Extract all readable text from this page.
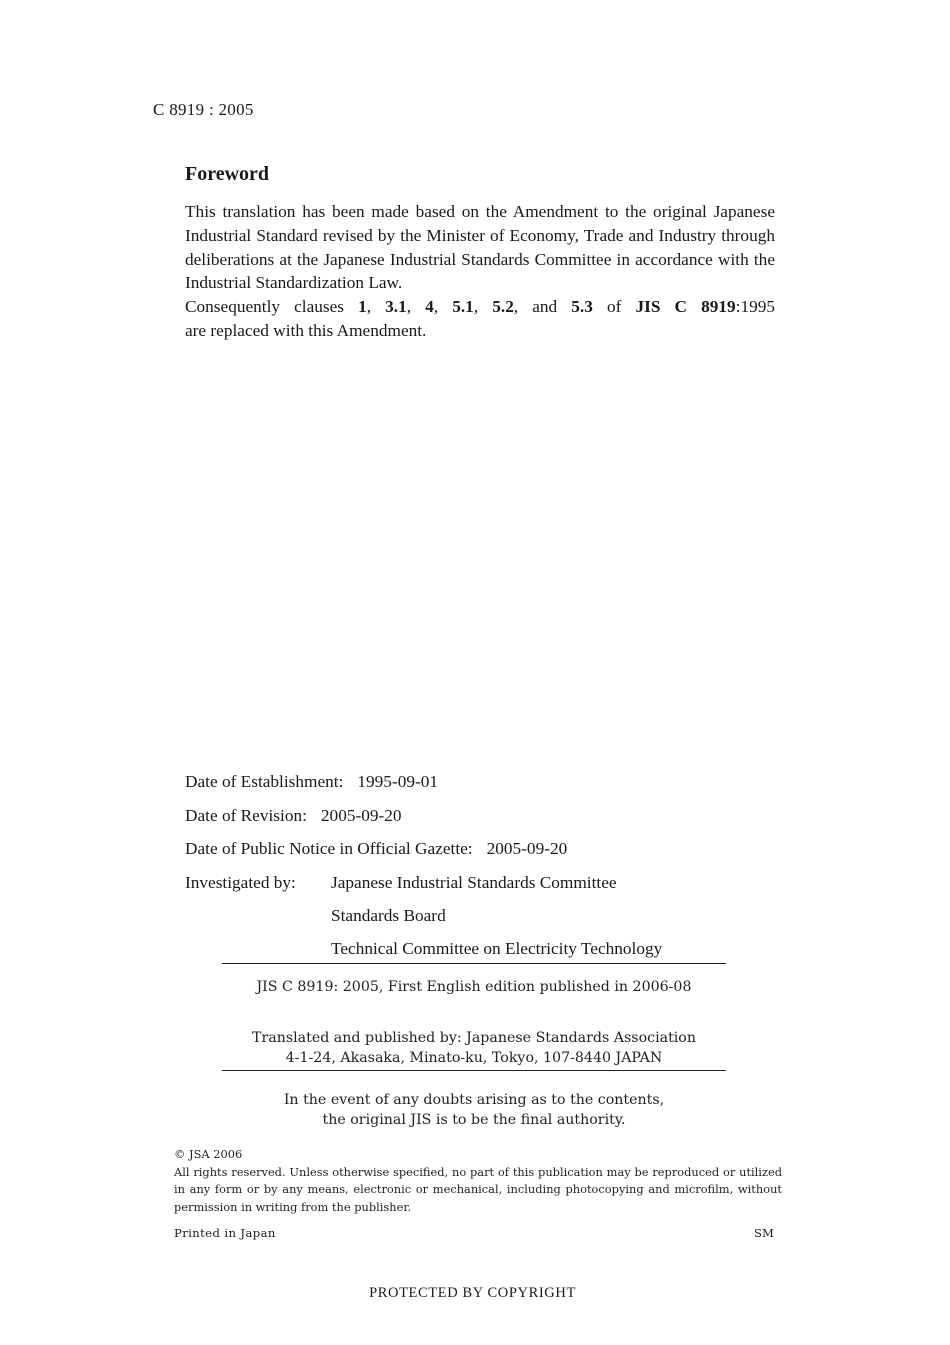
C 8919 : 2005
Foreword

This translation has been made based on the Amendment to the original Japanese Industrial Standard revised by the Minister of Economy, Trade and Industry through deliberations at the Japanese Industrial Standards Committee in accordance with the Industrial Standardization Law.

Consequently clauses 1, 3.1, 4, 5.1, 5.2, and 5.3 of JIS C 8919:1995

are replaced with this Amendment.

Date of Establishment: 1995-09-01
Date of Revision: 2005-09-20
Date of Public Notice in Official Gazette: 2005-09-20
Investigated by: Japanese Industrial Standards Committee
Standards Board
Technical Committee on Electricity Technology
JIS C 8919: 2005, First English edition published in 2006-08
Translated and published by: Japanese Standards Association
4-1-24, Akasaka, Minato-ku, Tokyo, 107-8440 JAPAN
In the event of any doubts arising as to the contents,
the original JIS is to be the final authority.

© JSA 2006

All rights reserved. Unless otherwise specified, no part of this publication may be reproduced or utilized in any form or by any means, electronic or mechanical, including photocopying and microfilm, without permission in writing from the publisher.

Printed in Japan	SM
PROTECTED BY COPYRIGHT
